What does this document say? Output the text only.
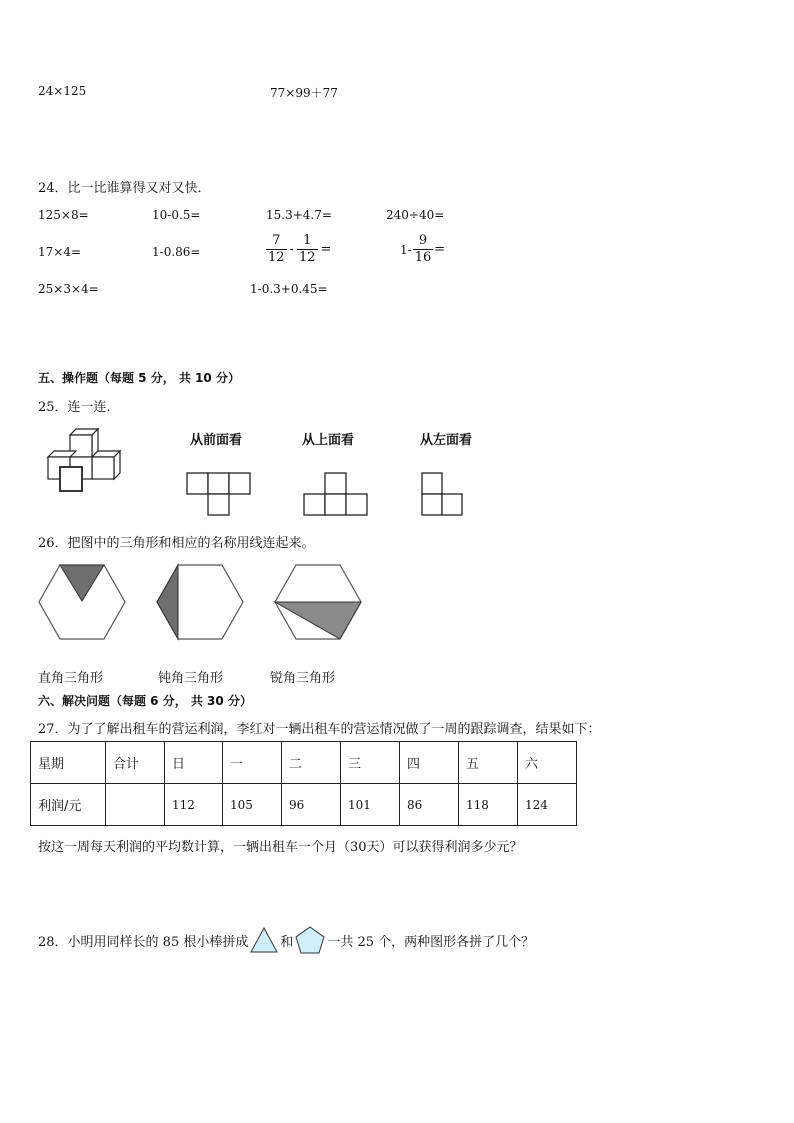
24×125	77×99＋77
24．比一比谁算得又对又快．
125×8=	10-0.5=	15.3+4.7=	240÷40=
17×4=	1-0.86=	$\frac{7}{12} - \frac{1}{12}$ =	$1- \frac{9}{16}$ =
25×3×4=	1-0.3+0.45=
五、操作题（每题 5 分， 共 10 分）
25．连一连．
从前面看	从上面看	从左面看
26．把图中的三角形和相应的名称用线连起来。
直角三角形	钝角三角形	锐角三角形
六、解决问题（每题 6 分， 共 30 分）
27．为了了解出租车的营运利润，李红对一辆出租车的营运情况做了一周的跟踪调查，结果如下：
星期	合计	日	一	二	三	四	五	六
利润/元		112	105	96	101	86	118	124
按这一周每天利润的平均数计算，一辆出租车一个月（30天）可以获得利润多少元？
28．小明用同样长的 85 根小棒拼成 和	一共 25 个，两种图形各拼了几个？
